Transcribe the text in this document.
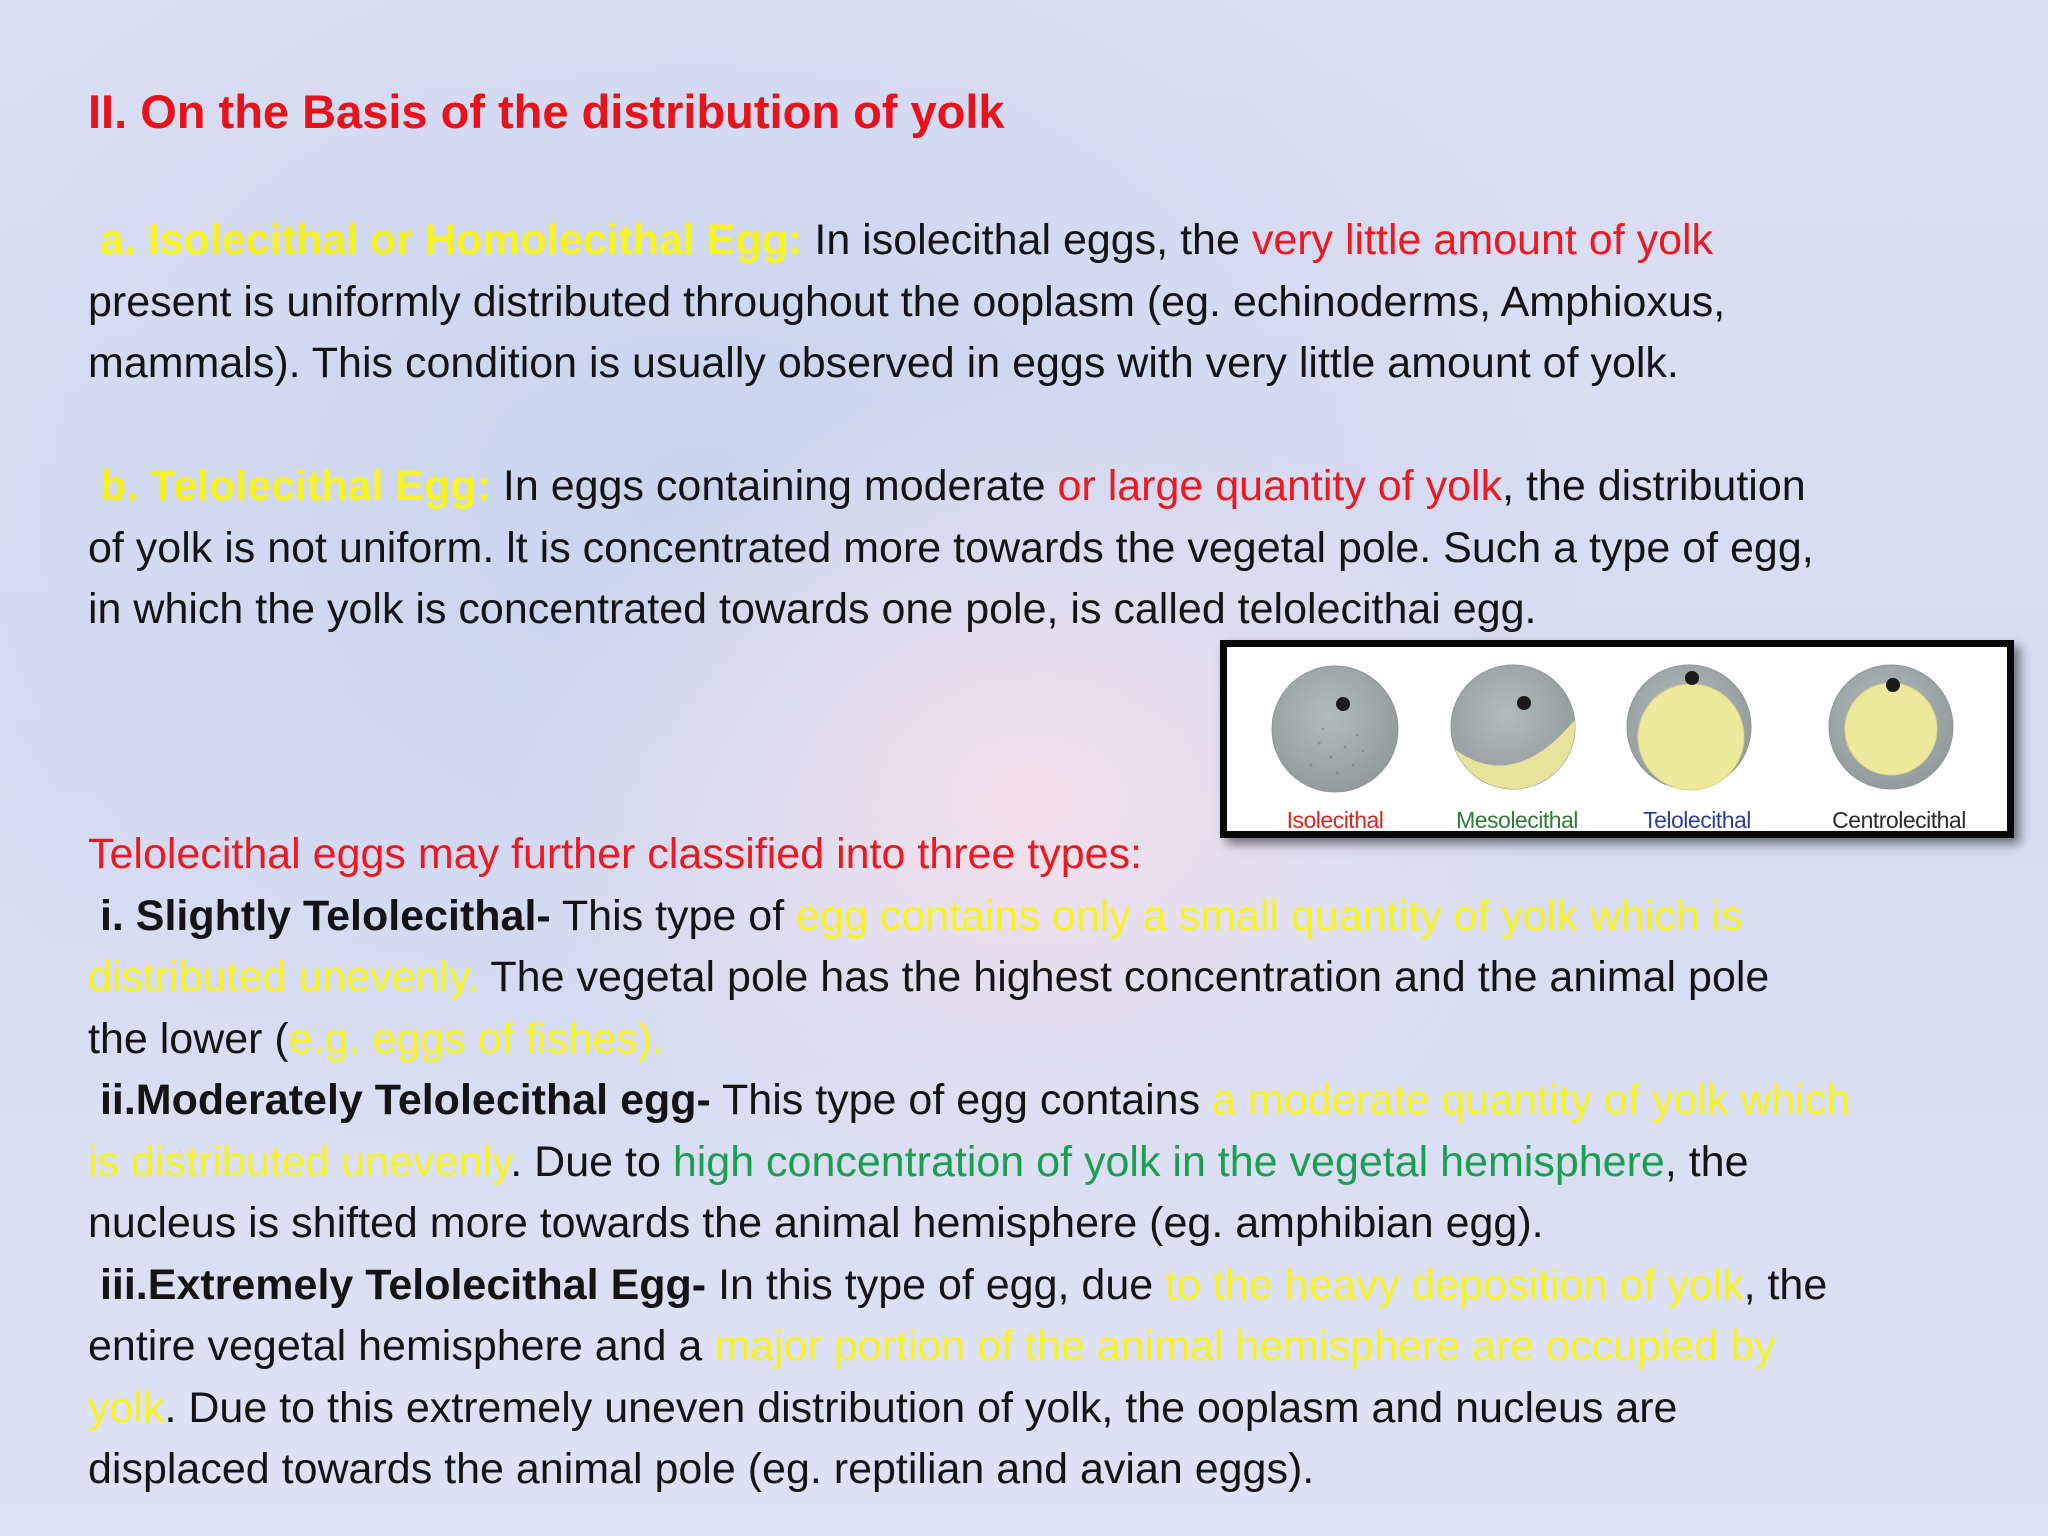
II. On the Basis of the distribution of yolk
a. Isolecithal or Homolecithal Egg: In isolecithal eggs, the very little amount of yolk
present is uniformly distributed throughout the ooplasm (eg. echinoderms, Amphioxus,
mammals). This condition is usually observed in eggs with very little amount of yolk.
b. Telolecithal Egg: In eggs containing moderate or large quantity of yolk, the distribution
of yolk is not uniform. lt is concentrated more towards the vegetal pole. Such a type of egg,
in which the yolk is concentrated towards one pole, is called telolecithai egg.
Isolecithal	Mesolecithal	Telolecithal	Centrolecithal
Telolecithal eggs may further classified into three types:
i. Slightly Telolecithal- This type of egg contains only a small quantity of yolk which is
distributed unevenly. The vegetal pole has the highest concentration and the animal pole
the lower (e.g. eggs of fishes).
ii.Moderately Telolecithal egg- This type of egg contains a moderate quantity of yolk which
is distributed unevenly. Due to high concentration of yolk in the vegetal hemisphere, the
nucleus is shifted more towards the animal hemisphere (eg. amphibian egg).
iii.Extremely Telolecithal Egg- In this type of egg, due to the heavy deposition of yolk, the
entire vegetal hemisphere and a major portion of the animal hemisphere are occupied by
yolk. Due to this extremely uneven distribution of yolk, the ooplasm and nucleus are
displaced towards the animal pole (eg. reptilian and avian eggs).
